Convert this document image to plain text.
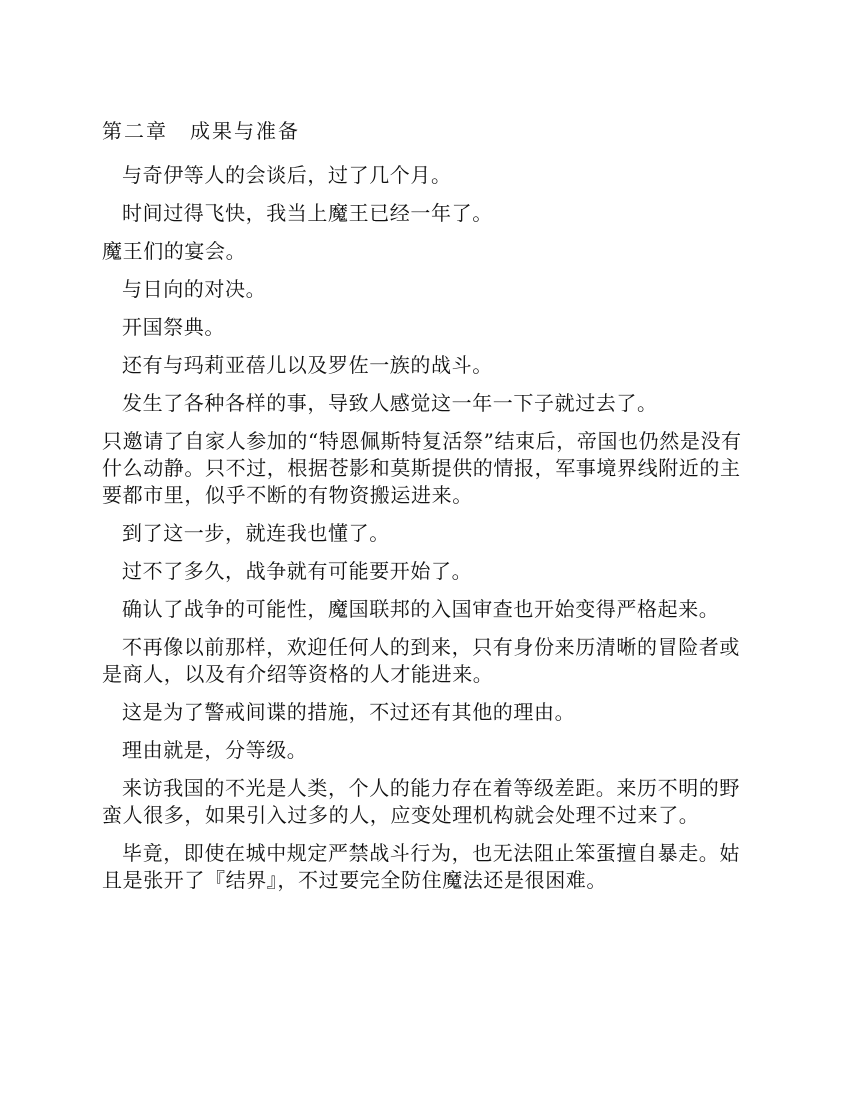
第二章　成果与准备

与奇伊等人的会谈后，过了几个月。

时间过得飞快，我当上魔王已经一年了。

魔王们的宴会。

与日向的对决。

开国祭典。

还有与玛莉亚蓓儿以及罗佐一族的战斗。

发生了各种各样的事，导致人感觉这一年一下子就过去了。

只邀请了自家人参加的“特恩佩斯特复活祭”结束后，帝国也仍然是没有什么动静。只不过，根据苍影和莫斯提供的情报，军事境界线附近的主要都市里，似乎不断的有物资搬运进来。

到了这一步，就连我也懂了。

过不了多久，战争就有可能要开始了。

确认了战争的可能性，魔国联邦的入国审查也开始变得严格起来。

不再像以前那样，欢迎任何人的到来，只有身份来历清晰的冒险者或是商人，以及有介绍等资格的人才能进来。

这是为了警戒间谍的措施，不过还有其他的理由。

理由就是，分等级。

来访我国的不光是人类，个人的能力存在着等级差距。来历不明的野蛮人很多，如果引入过多的人，应变处理机构就会处理不过来了。

毕竟，即使在城中规定严禁战斗行为，也无法阻止笨蛋擅自暴走。姑且是张开了『结界』，不过要完全防住魔法还是很困难。
